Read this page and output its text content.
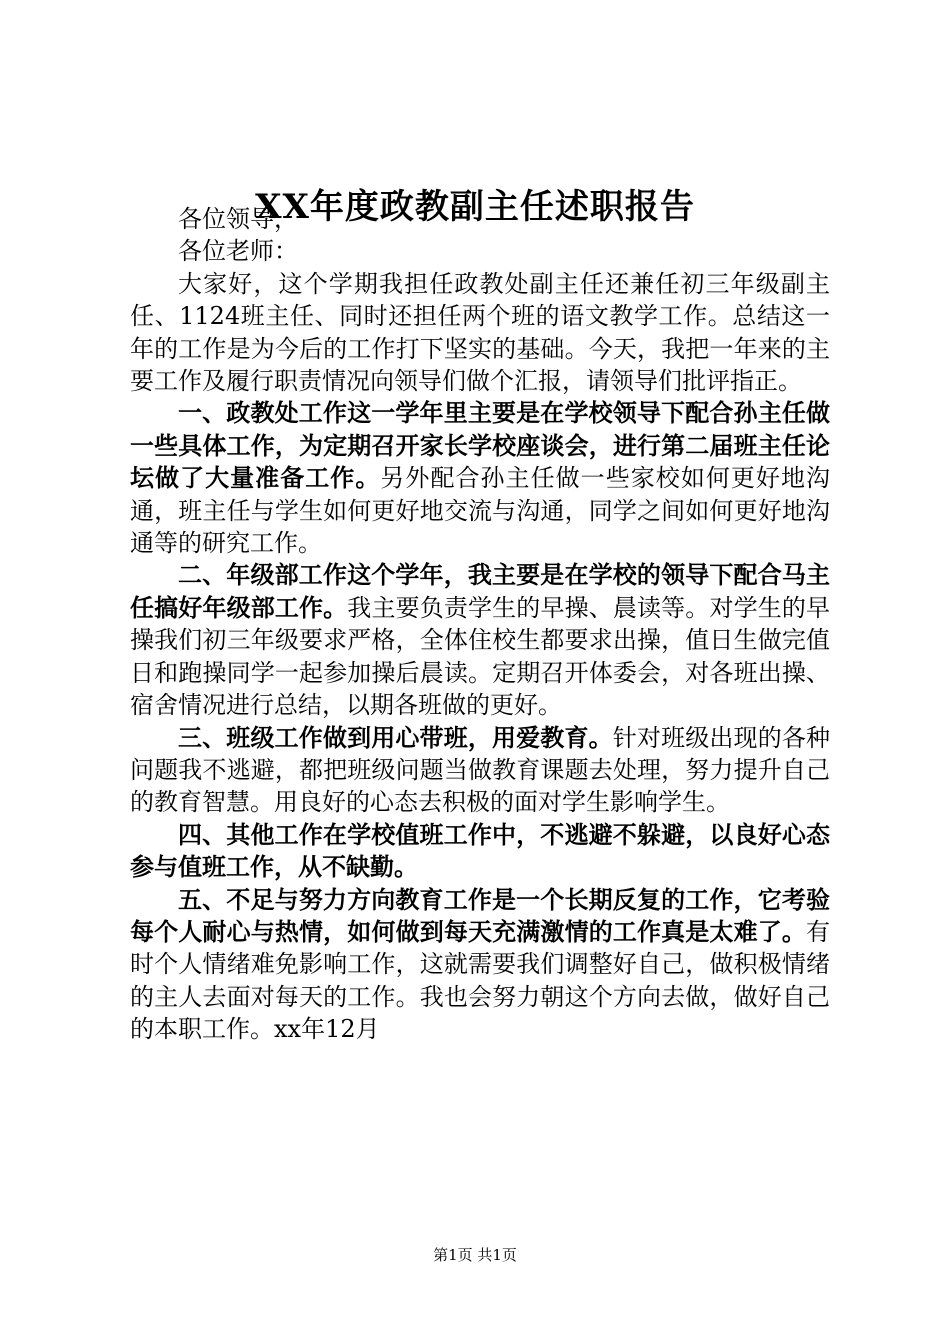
XX年度政教副主任述职报告

各位领导，

各位老师：

大家好，这个学期我担任政教处副主任还兼任初三年级副主任、1124班主任、同时还担任两个班的语文教学工作。总结这一年的工作是为今后的工作打下坚实的基础。今天，我把一年来的主要工作及履行职责情况向领导们做个汇报，请领导们批评指正。

一、政教处工作这一学年里主要是在学校领导下配合孙主任做一些具体工作，为定期召开家长学校座谈会，进行第二届班主任论坛做了大量准备工作。另外配合孙主任做一些家校如何更好地沟通，班主任与学生如何更好地交流与沟通，同学之间如何更好地沟通等的研究工作。

二、年级部工作这个学年，我主要是在学校的领导下配合马主任搞好年级部工作。我主要负责学生的早操、晨读等。对学生的早操我们初三年级要求严格，全体住校生都要求出操，值日生做完值日和跑操同学一起参加操后晨读。定期召开体委会，对各班出操、宿舍情况进行总结，以期各班做的更好。

三、班级工作做到用心带班，用爱教育。针对班级出现的各种问题我不逃避，都把班级问题当做教育课题去处理，努力提升自己的教育智慧。用良好的心态去积极的面对学生影响学生。

四、其他工作在学校值班工作中，不逃避不躲避，以良好心态参与值班工作，从不缺勤。

五、不足与努力方向教育工作是一个长期反复的工作，它考验每个人耐心与热情，如何做到每天充满激情的工作真是太难了。有时个人情绪难免影响工作，这就需要我们调整好自己，做积极情绪的主人去面对每天的工作。我也会努力朝这个方向去做，做好自己的本职工作。xx年12月

第1页 共1页
